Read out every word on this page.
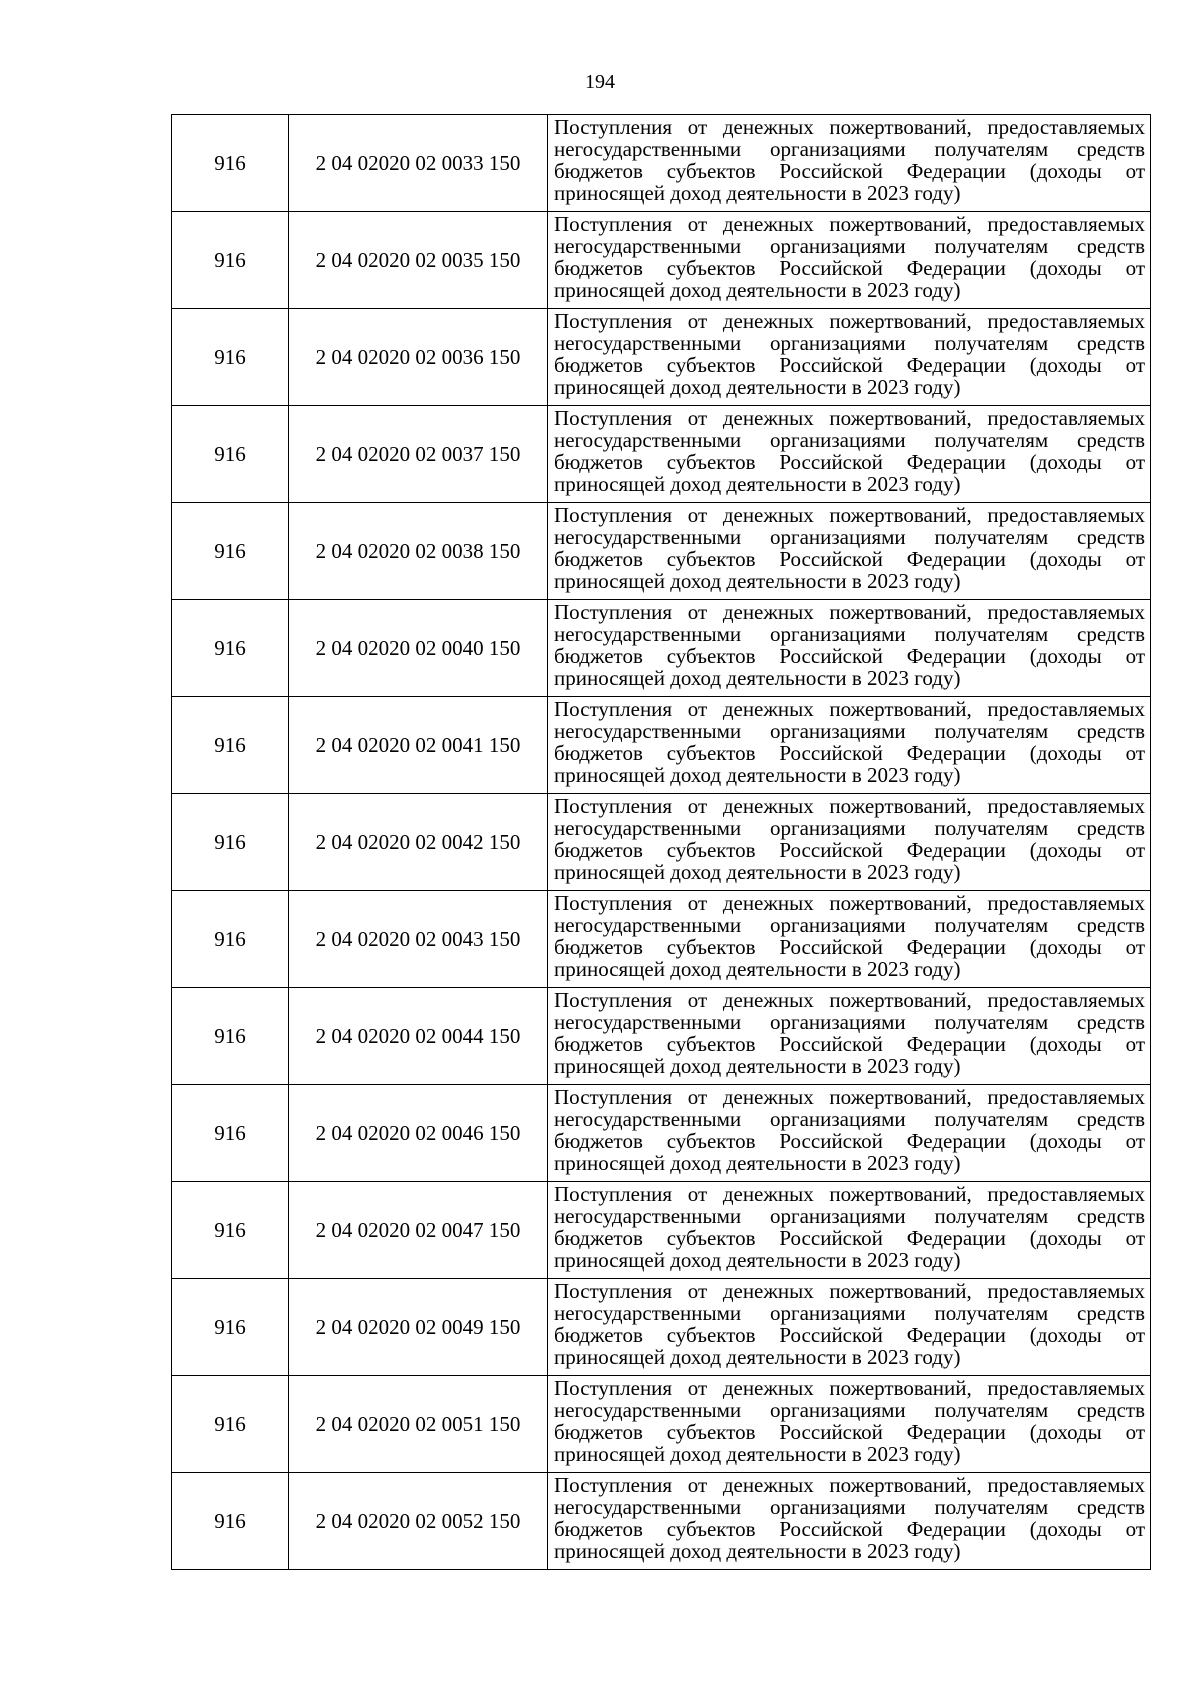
194
916	2 04 02020 02 0033 150	Поступления от денежных пожертвований, предоставляемых негосударственными организациями получателям средств бюджетов субъектов Российской Федерации (доходы от приносящей доход деятельности в 2023 году)
916	2 04 02020 02 0035 150	Поступления от денежных пожертвований, предоставляемых негосударственными организациями получателям средств бюджетов субъектов Российской Федерации (доходы от приносящей доход деятельности в 2023 году)
916	2 04 02020 02 0036 150	Поступления от денежных пожертвований, предоставляемых негосударственными организациями получателям средств бюджетов субъектов Российской Федерации (доходы от приносящей доход деятельности в 2023 году)
916	2 04 02020 02 0037 150	Поступления от денежных пожертвований, предоставляемых негосударственными организациями получателям средств бюджетов субъектов Российской Федерации (доходы от приносящей доход деятельности в 2023 году)
916	2 04 02020 02 0038 150	Поступления от денежных пожертвований, предоставляемых негосударственными организациями получателям средств бюджетов субъектов Российской Федерации (доходы от приносящей доход деятельности в 2023 году)
916	2 04 02020 02 0040 150	Поступления от денежных пожертвований, предоставляемых негосударственными организациями получателям средств бюджетов субъектов Российской Федерации (доходы от приносящей доход деятельности в 2023 году)
916	2 04 02020 02 0041 150	Поступления от денежных пожертвований, предоставляемых негосударственными организациями получателям средств бюджетов субъектов Российской Федерации (доходы от приносящей доход деятельности в 2023 году)
916	2 04 02020 02 0042 150	Поступления от денежных пожертвований, предоставляемых негосударственными организациями получателям средств бюджетов субъектов Российской Федерации (доходы от приносящей доход деятельности в 2023 году)
916	2 04 02020 02 0043 150	Поступления от денежных пожертвований, предоставляемых негосударственными организациями получателям средств бюджетов субъектов Российской Федерации (доходы от приносящей доход деятельности в 2023 году)
916	2 04 02020 02 0044 150	Поступления от денежных пожертвований, предоставляемых негосударственными организациями получателям средств бюджетов субъектов Российской Федерации (доходы от приносящей доход деятельности в 2023 году)
916	2 04 02020 02 0046 150	Поступления от денежных пожертвований, предоставляемых негосударственными организациями получателям средств бюджетов субъектов Российской Федерации (доходы от приносящей доход деятельности в 2023 году)
916	2 04 02020 02 0047 150	Поступления от денежных пожертвований, предоставляемых негосударственными организациями получателям средств бюджетов субъектов Российской Федерации (доходы от приносящей доход деятельности в 2023 году)
916	2 04 02020 02 0049 150	Поступления от денежных пожертвований, предоставляемых негосударственными организациями получателям средств бюджетов субъектов Российской Федерации (доходы от приносящей доход деятельности в 2023 году)
916	2 04 02020 02 0051 150	Поступления от денежных пожертвований, предоставляемых негосударственными организациями получателям средств бюджетов субъектов Российской Федерации (доходы от приносящей доход деятельности в 2023 году)
916	2 04 02020 02 0052 150	Поступления от денежных пожертвований, предоставляемых негосударственными организациями получателям средств бюджетов субъектов Российской Федерации (доходы от приносящей доход деятельности в 2023 году)
